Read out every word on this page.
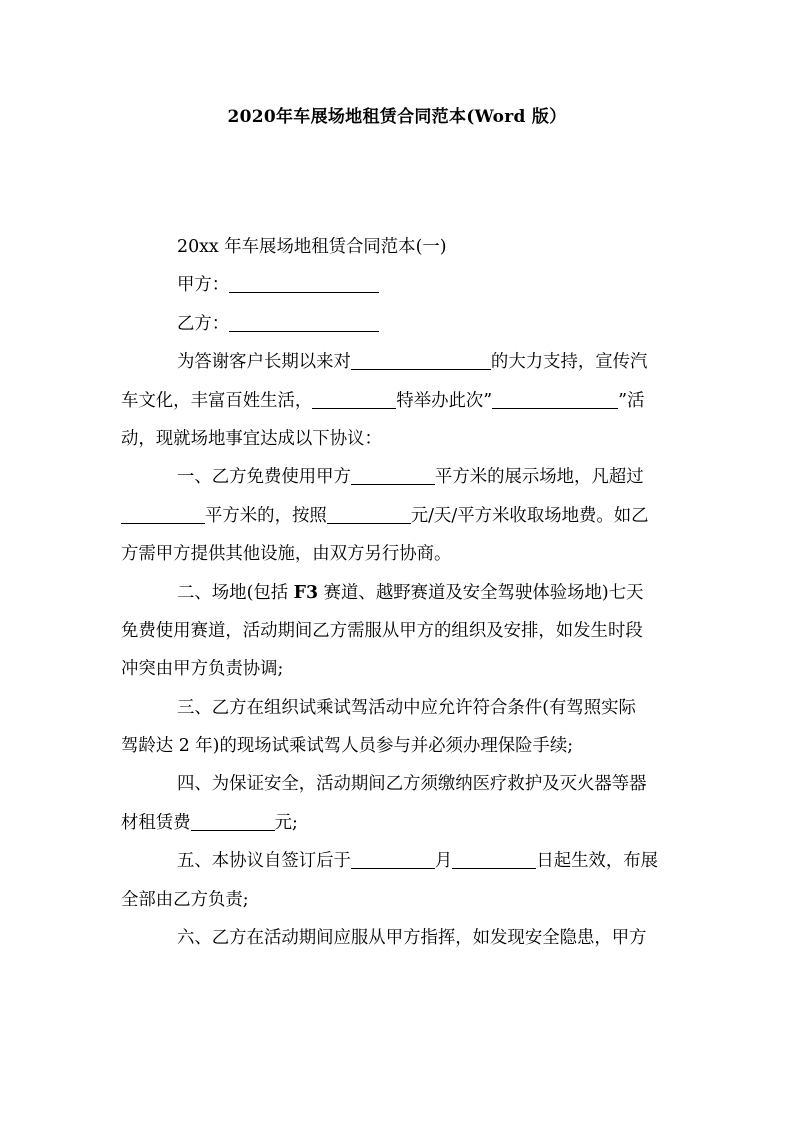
2020年车展场地租赁合同范本(Word 版）
20xx 年车展场地租赁合同范本(一)
甲方：
乙方：
为答谢客户长期以来对	的大力支持，宣传汽
车文化，丰富百姓生活，	特举办此次”	”活
动，现就场地事宜达成以下协议：
一、乙方免费使用甲方	平方米的展示场地，凡超过
平方米的，按照	元/天/平方米收取场地费。如乙
方需甲方提供其他设施，由双方另行协商。
二、场地(包括 F3 赛道、越野赛道及安全驾驶体验场地)七天
免费使用赛道，活动期间乙方需服从甲方的组织及安排，如发生时段
冲突由甲方负责协调;
三、乙方在组织试乘试驾活动中应允许符合条件(有驾照实际
驾龄达 2 年)的现场试乘试驾人员参与并必须办理保险手续;
四、为保证安全，活动期间乙方须缴纳医疗救护及灭火器等器
材租赁费	元;
五、本协议自签订后于	月	日起生效，布展
全部由乙方负责;
六、乙方在活动期间应服从甲方指挥，如发现安全隐患，甲方
